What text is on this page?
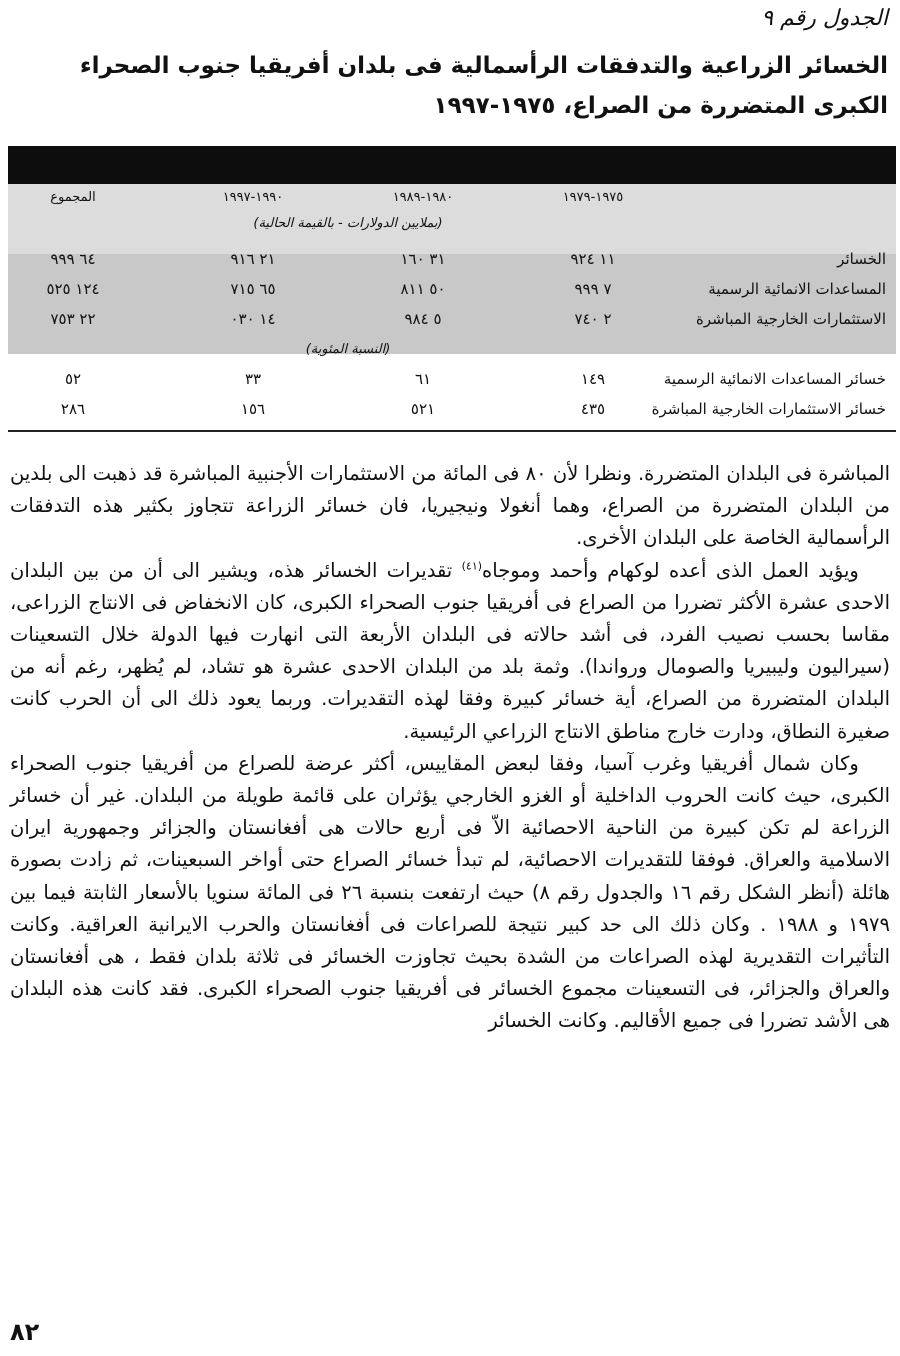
الجدول رقم ٩
الخسائر الزراعية والتدفقات الرأسمالية فى بلدان أفريقيا جنوب الصحراء الكبرى المتضررة من الصراع، ١٩٧٥-١٩٩٧
١٩٧٥-١٩٧٩
١٩٨٠-١٩٨٩
١٩٩٠-١٩٩٧
المجموع
(بملايين الدولارات - بالقيمة الحالية)
الخسائر
١١ ٩٢٤
٣١ ١٦٠
٢١ ٩١٦
٦٤ ٩٩٩
المساعدات الانمائية الرسمية
٧ ٩٩٩
٥٠ ٨١١
٦٥ ٧١٥
١٢٤ ٥٢٥
الاستثمارات الخارجية المباشرة
٢ ٧٤٠
٥ ٩٨٤
١٤ ٠٣٠
٢٢ ٧٥٣
(النسبة المئوية)
خسائر المساعدات الانمائية الرسمية
١٤٩
٦١
٣٣
٥٢
خسائر الاستثمارات الخارجية المباشرة
٤٣٥
٥٢١
١٥٦
٢٨٦

المباشرة فى البلدان المتضررة. ونظرا لأن ٨٠ فى المائة من الاستثمارات الأجنبية المباشرة قد ذهبت الى بلدين من البلدان المتضررة من الصراع، وهما أنغولا ونيجيريا، فان خسائر الزراعة تتجاوز بكثير هذه التدفقات الرأسمالية الخاصة على البلدان الأخرى.

ويؤيد العمل الذى أعده لوكهام وأحمد وموجاه$^{(٤١)}$ تقديرات الخسائر هذه، ويشير الى أن من بين البلدان الاحدى عشرة الأكثر تضررا من الصراع فى أفريقيا جنوب الصحراء الكبرى، كان الانخفاض فى الانتاج الزراعى، مقاسا بحسب نصيب الفرد، فى أشد حالاته فى البلدان الأربعة التى انهارت فيها الدولة خلال التسعينات (سيراليون وليبيريا والصومال ورواندا). وثمة بلد من البلدان الاحدى عشرة هو تشاد، لم يُظهر، رغم أنه من البلدان المتضررة من الصراع، أية خسائر كبيرة وفقا لهذه التقديرات. وربما يعود ذلك الى أن الحرب كانت صغيرة النطاق، ودارت خارج مناطق الانتاج الزراعي الرئيسية.

وكان شمال أفريقيا وغرب آسيا، وفقا لبعض المقاييس، أكثر عرضة للصراع من أفريقيا جنوب الصحراء الكبرى، حيث كانت الحروب الداخلية أو الغزو الخارجي يؤثران على قائمة طويلة من البلدان. غير أن خسائر الزراعة لم تكن كبيرة من الناحية الاحصائية الاّ فى أربع حالات هى أفغانستان والجزائر وجمهورية ايران الاسلامية والعراق. فوفقا للتقديرات الاحصائية، لم تبدأ خسائر الصراع حتى أواخر السبعينات، ثم زادت بصورة هائلة (أنظر الشكل رقم ١٦ والجدول رقم ٨) حيث ارتفعت بنسبة ٢٦ فى المائة سنويا بالأسعار الثابتة فيما بين ١٩٧٩ و ١٩٨٨ . وكان ذلك الى حد كبير نتيجة للصراعات فى أفغانستان والحرب الايرانية العراقية. وكانت التأثيرات التقديرية لهذه الصراعات من الشدة بحيث تجاوزت الخسائر فى ثلاثة بلدان فقط ، هى أفغانستان والعراق والجزائر، فى التسعينات مجموع الخسائر فى أفريقيا جنوب الصحراء الكبرى. فقد كانت هذه البلدان هى الأشد تضررا فى جميع الأقاليم. وكانت الخسائر

٨٢
